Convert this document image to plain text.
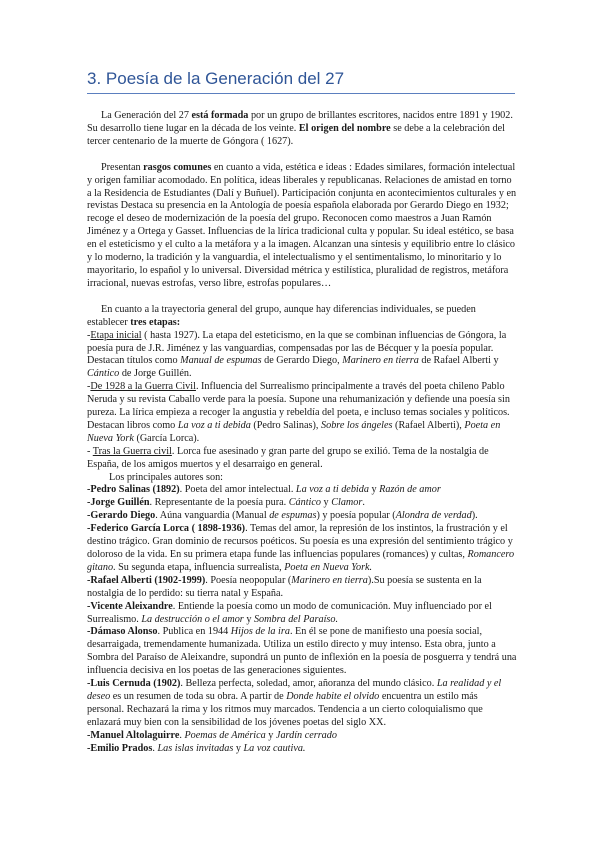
3. Poesía de la Generación del 27

La Generación del 27 está formada por un grupo de brillantes escritores, nacidos entre 1891 y 1902. Su desarrollo tiene lugar en la década de los veinte. El origen del nombre se debe a la celebración del tercer centenario de la muerte de Góngora ( 1627).

Presentan rasgos comunes en cuanto a vida, estética e ideas : Edades similares, formación intelectual y origen familiar acomodado. En política, ideas liberales y republicanas. Relaciones de amistad en torno a la Residencia de Estudiantes (Dalí y Buñuel). Participación conjunta en acontecimientos culturales y en revistas Destaca su presencia en la Antología de poesía española elaborada por Gerardo Diego en 1932; recoge el deseo de modernización de la poesía del grupo. Reconocen como maestros a Juan Ramón Jiménez y a Ortega y Gasset. Influencias de la lírica tradicional culta y popular. Su ideal estético, se basa en el esteticismo y el culto a la metáfora y a la imagen. Alcanzan una síntesis y equilibrio entre lo clásico y lo moderno, la tradición y la vanguardia, el intelectualismo y el sentimentalismo, lo minoritario y lo mayoritario, lo español y lo universal. Diversidad métrica y estilística, pluralidad de registros, metáfora irracional, nuevas estrofas, verso libre, estrofas populares…

En cuanto a la trayectoria general del grupo, aunque hay diferencias individuales, se pueden establecer tres etapas:

-Etapa inicial ( hasta 1927). La etapa del esteticismo, en la que se combinan influencias de Góngora, la poesía pura de J.R. Jiménez y las vanguardias, compensadas por las de Bécquer y la poesía popular. Destacan títulos como Manual de espumas de Gerardo Diego, Marinero en tierra de Rafael Alberti y Cántico de Jorge Guillén.

-De 1928 a la Guerra Civil. Influencia del Surrealismo principalmente a través del poeta chileno Pablo Neruda y su revista Caballo verde para la poesía. Supone una rehumanización y defiende una poesía sin pureza. La lírica empieza a recoger la angustia y rebeldía del poeta, e incluso temas sociales y políticos. Destacan libros como La voz a ti debida (Pedro Salinas), Sobre los ángeles (Rafael Alberti), Poeta en Nueva York (García Lorca).

- Tras la Guerra civil. Lorca fue asesinado y gran parte del grupo se exilió. Tema de la nostalgia de España, de los amigos muertos y el desarraigo en general.

Los principales autores son:

-Pedro Salinas (1892). Poeta del amor intelectual. La voz a ti debida y Razón de amor

-Jorge Guillén. Representante de la poesía pura. Cántico y Clamor.

-Gerardo Diego. Aúna vanguardia (Manual de espumas) y poesía popular (Alondra de verdad).

-Federico García Lorca ( 1898-1936). Temas del amor, la represión de los instintos, la frustración y el destino trágico. Gran dominio de recursos poéticos. Su poesía es una expresión del sentimiento trágico y doloroso de la vida. En su primera etapa funde las influencias populares (romances) y cultas, Romancero gitano. Su segunda etapa, influencia surrealista, Poeta en Nueva York.

-Rafael Alberti (1902-1999). Poesía neopopular (Marinero en tierra).Su poesía se sustenta en la nostalgia de lo perdido: su tierra natal y España.

-Vicente Aleixandre. Entiende la poesía como un modo de comunicación. Muy influenciado por el Surrealismo. La destrucción o el amor y Sombra del Paraíso.

-Dámaso Alonso. Publica en 1944 Hijos de la ira. En él se pone de manifiesto una poesía social, desarraigada, tremendamente humanizada. Utiliza un estilo directo y muy intenso. Esta obra, junto a Sombra del Paraíso de Aleixandre, supondrá un punto de inflexión en la poesía de posguerra y tendrá una influencia decisiva en los poetas de las generaciones siguientes.

-Luis Cernuda (1902). Belleza perfecta, soledad, amor, añoranza del mundo clásico. La realidad y el deseo es un resumen de toda su obra. A partir de Donde habite el olvido encuentra un estilo más personal. Rechazará la rima y los ritmos muy marcados. Tendencia a un cierto coloquialismo que enlazará muy bien con la sensibilidad de los jóvenes poetas del siglo XX.

-Manuel Altolaguirre. Poemas de América y Jardín cerrado

-Emilio Prados. Las islas invitadas y La voz cautiva.
